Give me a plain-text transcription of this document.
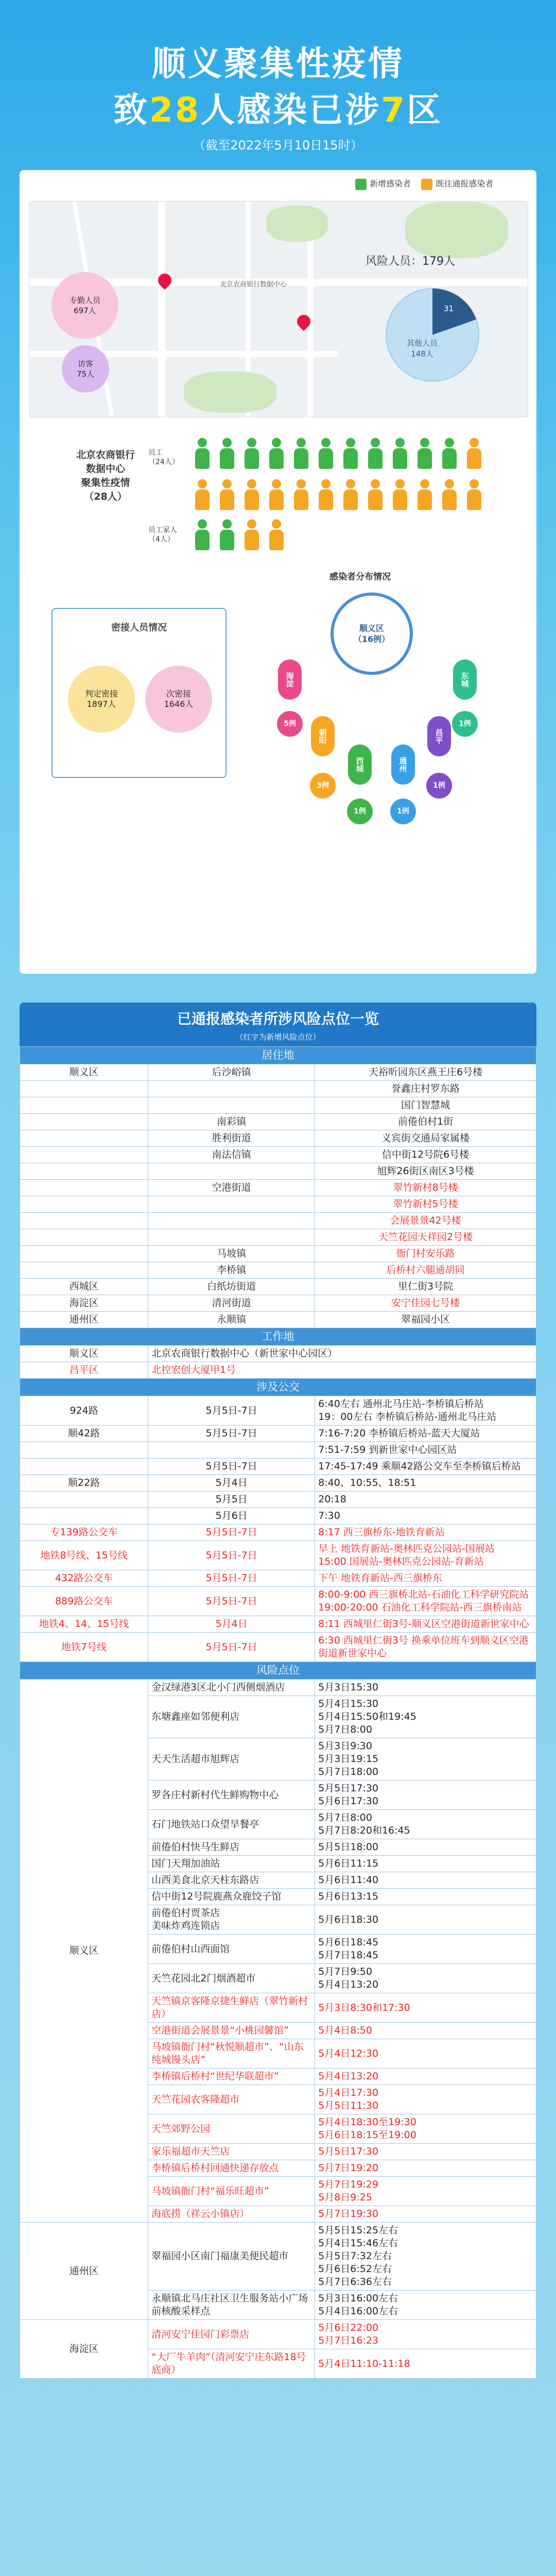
顺义聚集性疫情
致28人感染已涉7区
（截至2022年5月10日15时）
新增感染者	既往通报感染者
北京农商银行数据中心
专勤人员
697人
访客
75人
风险人员：179人
其他人员
148人
31
北京农商银行
数据中心
聚集性疫情
（28人）
员工
（24人）
员工家人
（4人）
密接人员情况
判定密接
1897人
次密接
1646人
感染者分布情况
顺义区
（16例）
海淀
5例
朝阳
3例
西城
1例
通州
1例
昌平
1例
东城
1例
已通报感染者所涉风险点位一览
（红字为新增风险点位）
居住地		
顺义区	后沙峪镇	天裕昕园东区燕王庄6号楼
		誉鑫庄村罗东路
		国门智慧城
	南彩镇	前倦伯村1街
	胜利街道	义宾街交通局家属楼
	南法信镇	信中街12号院6号楼
		旭辉26街区南区3号楼
	空港街道	翠竹新村8号楼
		翠竹新村5号楼
		会展景景42号楼
		天竺花园天祥园2号楼
	马坡镇	衙门村安乐路
	李桥镇	后桥村六腿通胡同
西城区	白纸坊街道	里仁街3号院
海淀区	清河街道	安宁佳园七号楼
通州区	永顺镇	翠福园小区
工作地		
顺义区	北京农商银行数据中心（新世家中心园区）	
昌平区	北控宏创大厦甲1号	
涉及公交		
924路	5月5日-7日	6:40左右 通州北马庄站-李桥镇后桥站
19：00左右 李桥镇后桥站-通州北马庄站
顺42路	5月5日-7日	7:16-7:20 李桥镇后桥站-蓝天大厦站
		7:51-7:59 到新世家中心园区站
	5月5日-7日	17:45-17:49 乘顺42路公交车至李桥镇后桥站
顺22路	5月4日	8:40、10:55、18:51
	5月5日	20:18
	5月6日	7:30
专139路公交车	5月5日-7日	8:17 西三旗桥东-地铁育新站
地铁8号线、15号线	5月5日-7日	早上 地铁育新站-奥林匹克公园站-国展站
15:00 国展站-奥林匹克公园站-育新站
432路公交车	5月5日-7日	下午 地铁育新站-西三旗桥东
889路公交车	5月5日-7日	8:00-9:00 西三旗桥北站-石油化工科学研究院站
19:00-20:00 石油化工科学院站-西三旗桥南站
地铁4、14、15号线	5月4日	8:11 西城里仁街3号-顺义区空港街道新世家中心
地铁7号线	5月5日-7日	6:30 西城里仁街3号 换乘单位班车到顺义区空港街道新世家中心
风险点位		
顺义区	金汉绿港3区北小门西侧烟酒店	5月3日15:30
	东塘鑫座如邻便利店	5月4日15:30
5月4日15:50和19:45
5月7日8:00
	天天生活超市旭辉店	5月3日9:30
5月3日19:15
5月7日18:00
	罗各庄村新村代生鲜购物中心	5月5日17:30
5月6日17:30
	石门地铁站口众望旱餐亭	5月7日8:00
5月7日8:20和16:45
	前倦伯村快马生鲜店	5月5日18:00
	国门天翔加油站	5月6日11:15
	山西美食北京天柱东路店	5月6日11:40
	信中街12号院鹿燕众鹿饺子馆	5月6日13:15
	前倦伯村贾茶店
美味炸鸡连锁店	5月6日18:30
	前倦伯村山西面馆	5月6日18:45
5月7日18:45
	天竺花园北2门烟酒超市	5月7日9:50
5月4日13:20
	天竺镇京客隆京捷生鲜店（翠竹新村店）	5月3日8:30和17:30
	空港街道会展景景“小桃园馨馆”	5月4日8:50
	马坡镇衙门村“秋悦顺超市”、“山东纯城馒头店”	5月4日12:30
	李桥镇后桥村“世纪华联超市”	5月4日13:20
	天竺花园农客隆超市	5月4日17:30
5月5日11:30
	天竺郊野公园	5月4日18:30至19:30
5月6日18:15至19:00
	家乐福超市天竺店	5月5日17:30
	李桥镇后桥村回通快递存放点	5月7日19:20
	马坡镇衙门村“福乐旺超市”	5月7日19:29
5月8日9:25
	海底捞（祥云小镇店）	5月7日19:30
通州区	翠福园小区南门福康美便民超市	5月5日15:25左右
5月4日15:46左右
5月5日7:32左右
5月6日6:52左右
5月7日6:36左右
	永顺镇北马庄社区卫生服务站小广场前核酸采样点	5月3日16:00左右
5月4日16:00左右
海淀区	清河安宁佳园门彩票店	5月6日22:00
5月7日16:23
	“大厂牛羊肉”（清河安宁庄东路18号底商）	5月4日11:10-11:18
